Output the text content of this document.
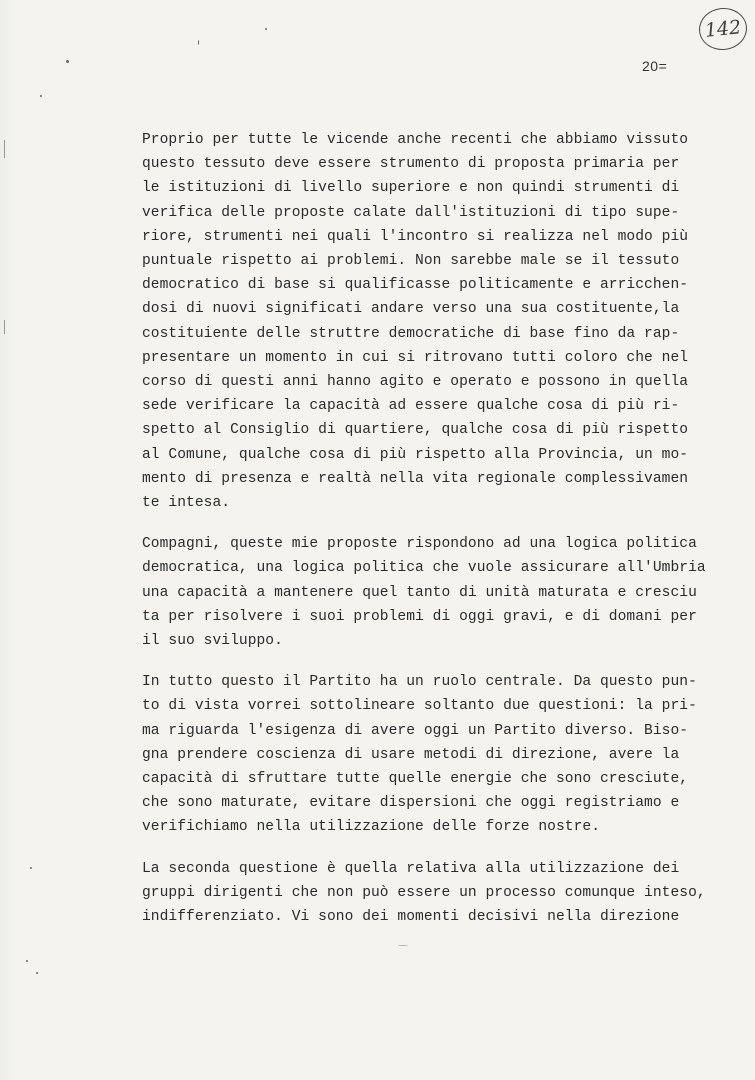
142
20=
Proprio per tutte le vicende anche recenti che abbiamo vissuto
questo tessuto deve essere strumento di proposta primaria per
le istituzioni di livello superiore e non quindi strumenti di
verifica delle proposte calate dall'istituzioni di tipo supe-
riore, strumenti nei quali l'incontro si realizza nel modo più
puntuale rispetto ai problemi. Non sarebbe male se il tessuto
democratico di base si qualificasse politicamente e arricchen-
dosi di nuovi significati andare verso una sua costituente,la
costituiente delle struttre democratiche di base fino da rap-
presentare un momento in cui si ritrovano tutti coloro che nel
corso di questi anni hanno agito e operato e possono in quella
sede verificare la capacità ad essere qualche cosa di più ri-
spetto al Consiglio di quartiere, qualche cosa di più rispetto
al Comune, qualche cosa di più rispetto alla Provincia, un mo-
mento di presenza e realtà nella vita regionale complessivamen
te intesa.
Compagni, queste mie proposte rispondono ad una logica politica
democratica, una logica politica che vuole assicurare all'Umbria
una capacità a mantenere quel tanto di unità maturata e cresciu
ta per risolvere i suoi problemi di oggi gravi, e di domani per
il suo sviluppo.
In tutto questo il Partito ha un ruolo centrale. Da questo pun-
to di vista vorrei sottolineare soltanto due questioni: la pri-
ma riguarda l'esigenza di avere oggi un Partito diverso. Biso-
gna prendere coscienza di usare metodi di direzione, avere la
capacità di sfruttare tutte quelle energie che sono cresciute,
che sono maturate, evitare dispersioni che oggi registriamo e
verifichiamo nella utilizzazione delle forze nostre.
La seconda questione è quella relativa alla utilizzazione dei
gruppi dirigenti che non può essere un processo comunque inteso,
indifferenziato. Vi sono dei momenti decisivi nella direzione
